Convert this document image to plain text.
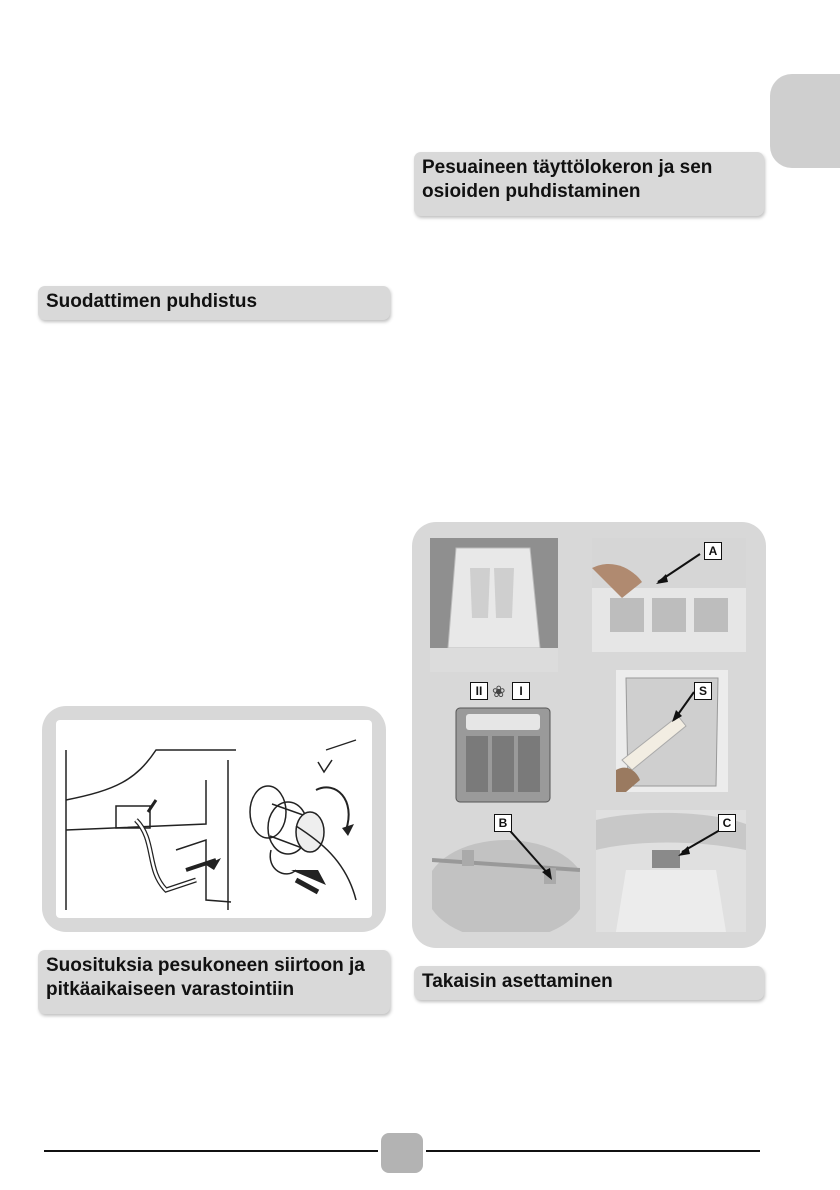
Pesuaineen täyttölokeron ja sen osioiden puhdistaminen
Suodattimen puhdistus
Suosituksia pesukoneen siirtoon ja pitkäaikaiseen varastointiin	Takaisin asettaminen
A
II ❀	I	S
B	C
